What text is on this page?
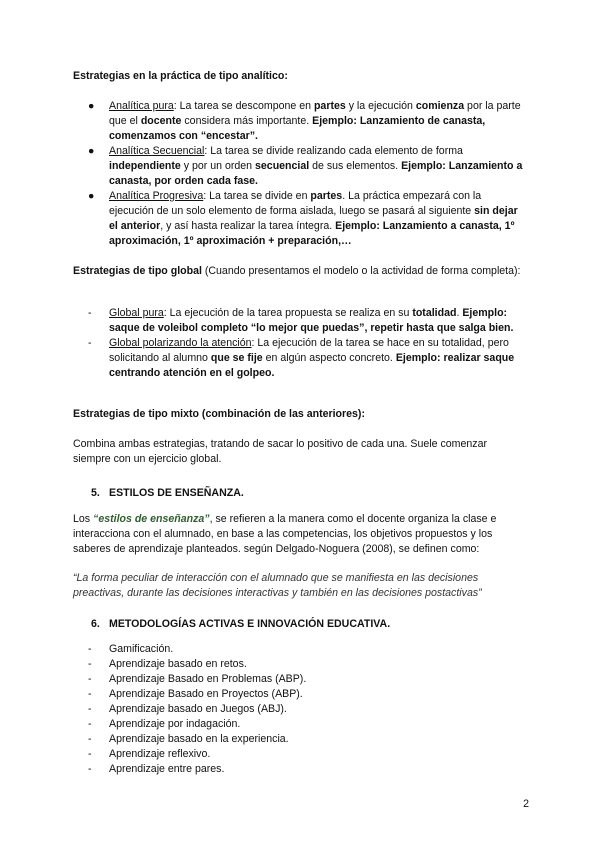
Estrategias en la práctica de tipo analítico:

● Analítica pura: La tarea se descompone en partes y la ejecución comienza por la parte que el docente considera más importante. Ejemplo: Lanzamiento de canasta, comenzamos con “encestar”.
● Analítica Secuencial: La tarea se divide realizando cada elemento de forma independiente y por un orden secuencial de sus elementos. Ejemplo: Lanzamiento a canasta, por orden cada fase.
● Analítica Progresiva: La tarea se divide en partes. La práctica empezará con la ejecución de un solo elemento de forma aislada, luego se pasará al siguiente sin dejar el anterior, y así hasta realizar la tarea íntegra. Ejemplo: Lanzamiento a canasta, 1º aproximación, 1º aproximación + preparación,…

Estrategias de tipo global (Cuando presentamos el modelo o la actividad de forma completa):

- Global pura: La ejecución de la tarea propuesta se realiza en su totalidad. Ejemplo: saque de voleibol completo “lo mejor que puedas”, repetir hasta que salga bien.
- Global polarizando la atención: La ejecución de la tarea se hace en su totalidad, pero solicitando al alumno que se fije en algún aspecto concreto. Ejemplo: realizar saque centrando atención en el golpeo.

Estrategias de tipo mixto (combinación de las anteriores):

Combina ambas estrategias, tratando de sacar lo positivo de cada una. Suele comenzar siempre con un ejercicio global.

5. ESTILOS DE ENSEÑANZA.

Los “estilos de enseñanza”, se refieren a la manera como el docente organiza la clase e interacciona con el alumnado, en base a las competencias, los objetivos propuestos y los saberes de aprendizaje planteados. según Delgado-Noguera (2008), se definen como:

“La forma peculiar de interacción con el alumnado que se manifiesta en las decisiones preactivas, durante las decisiones interactivas y también en las decisiones postactivas”

6. METODOLOGÍAS ACTIVAS E INNOVACIÓN EDUCATIVA.

- Gamificación.
- Aprendizaje basado en retos.
- Aprendizaje Basado en Problemas (ABP).
- Aprendizaje Basado en Proyectos (ABP).
- Aprendizaje basado en Juegos (ABJ).
- Aprendizaje por indagación.
- Aprendizaje basado en la experiencia.
- Aprendizaje reflexivo.
- Aprendizaje entre pares.
2
